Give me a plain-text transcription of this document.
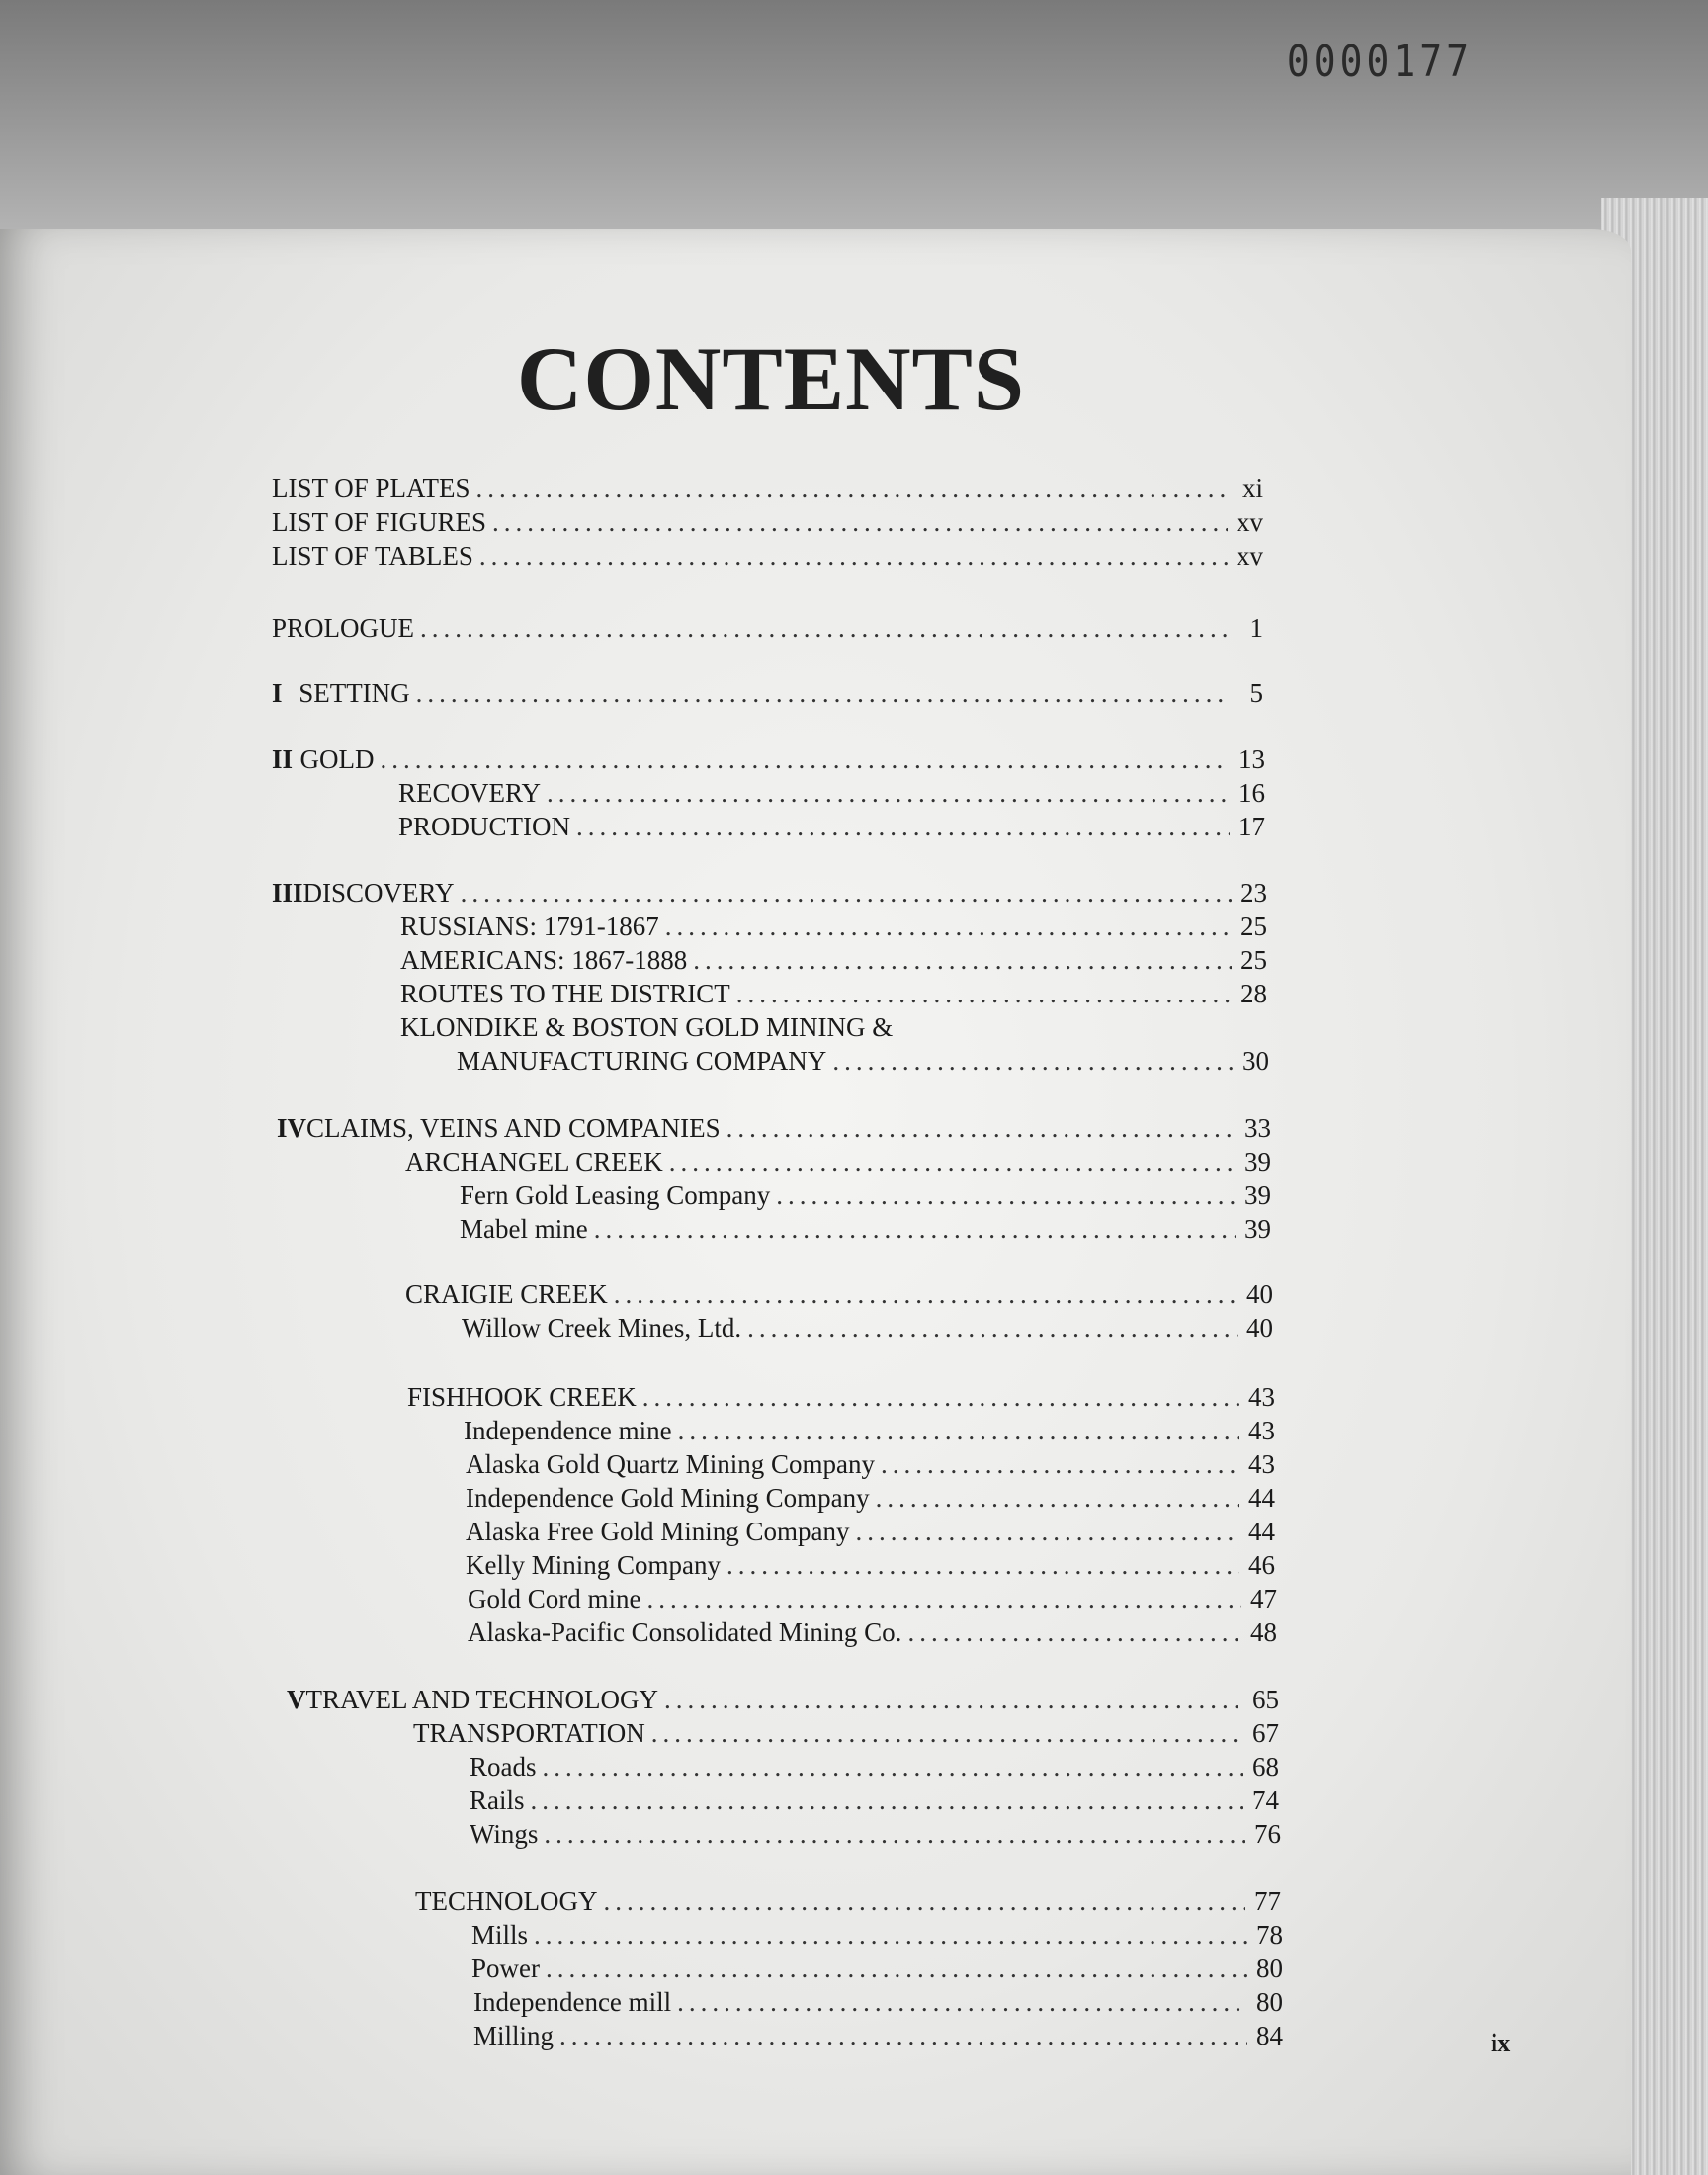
0000177
CONTENTS
LIST OF PLATES .....	xi
LIST OF FIGURES .....	xv
LIST OF TABLES .....	xv
PROLOGUE .....	1
I SETTING .....	5
II GOLD .....	13
RECOVERY .....	16
PRODUCTION .....	17
III DISCOVERY .....	23
RUSSIANS: 1791-1867 .....	25
AMERICANS: 1867-1888 .....	25
ROUTES TO THE DISTRICT .....	28
KLONDIKE & BOSTON GOLD MINING &
MANUFACTURING COMPANY .....	30
IV CLAIMS, VEINS AND COMPANIES .....	33
ARCHANGEL CREEK .....	39
Fern Gold Leasing Company .....	39
Mabel mine .....	39
CRAIGIE CREEK .....	40
Willow Creek Mines, Ltd. .....	40
FISHHOOK CREEK .....	43
Independence mine .....	43
Alaska Gold Quartz Mining Company .....	43
Independence Gold Mining Company .....	44
Alaska Free Gold Mining Company .....	44
Kelly Mining Company .....	46
Gold Cord mine .....	47
Alaska-Pacific Consolidated Mining Co. .....	48
V TRAVEL AND TECHNOLOGY .....	65
TRANSPORTATION .....	67
Roads .....	68
Rails .....	74
Wings .....	76
TECHNOLOGY .....	77
Mills .....	78
Power .....	80
Independence mill .....	80
Milling .....	84	ix
